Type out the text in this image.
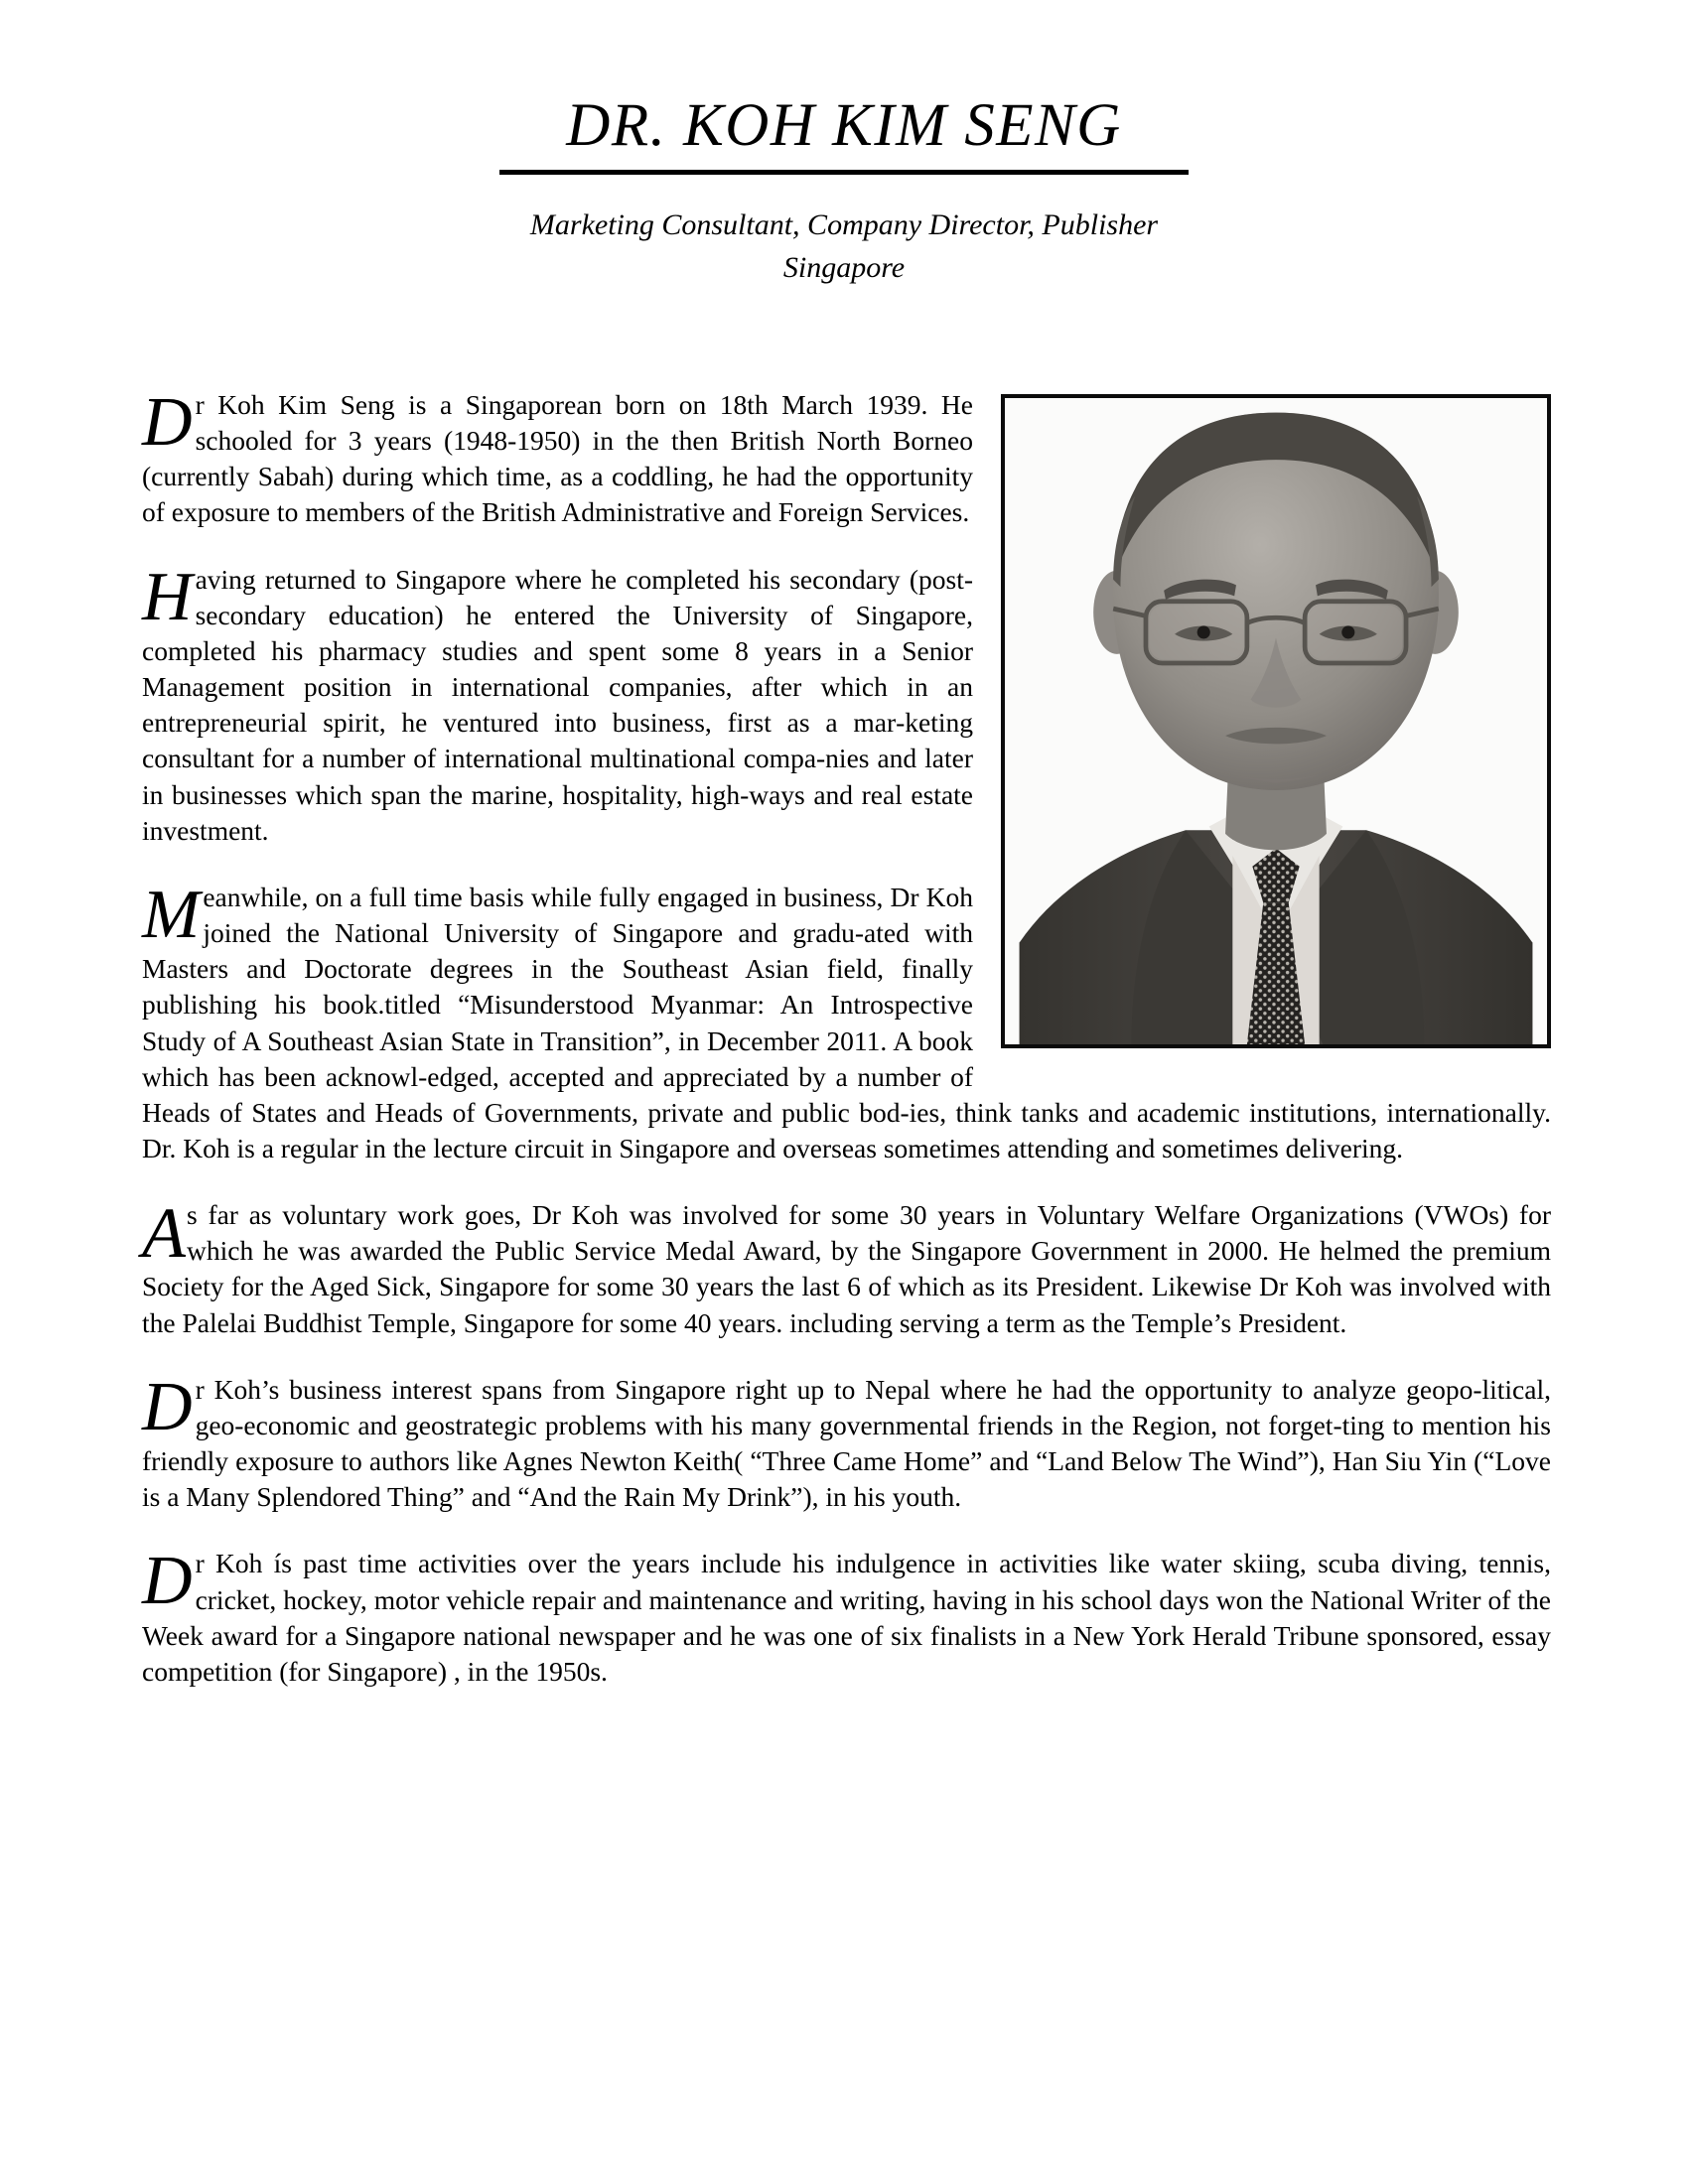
DR. KOH KIM SENG
Marketing Consultant, Company Director, Publisher
Singapore

Dr Koh Kim Seng is a Singaporean born on 18th March 1939. He schooled for 3 years (1948-1950) in the then British North Borneo (currently Sabah) during which time, as a coddling, he had the opportunity of exposure to members of the British Administrative and Foreign Services.

Having returned to Singapore where he completed his secondary (post-secondary education) he entered the University of Singapore, completed his pharmacy studies and spent some 8 years in a Senior Management position in international companies, after which in an entrepreneurial spirit, he ventured into business, first as a mar‐keting consultant for a number of international multinational compa‐nies and later in businesses which span the marine, hospitality, high‐ways and real estate investment.

Meanwhile, on a full time basis while fully engaged in business, Dr Koh joined the National University of Singapore and gradu‐ated with Masters and Doctorate degrees in the Southeast Asian field, finally publishing his book.titled “Misunderstood Myanmar: An Introspective Study of A Southeast Asian State in Transition”, in December 2011. A book which has been acknowl‐edged, accepted and appreciated by a number of Heads of States and Heads of Governments, private and public bod‐ies, think tanks and academic institutions, internationally. Dr. Koh is a regular in the lecture circuit in Singapore and overseas sometimes attending and sometimes delivering.

As far as voluntary work goes, Dr Koh was involved for some 30 years in Voluntary Welfare Organizations (VWOs) for which he was awarded the Public Service Medal Award, by the Singapore Government in 2000. He helmed the premium Society for the Aged Sick, Singapore for some 30 years the last 6 of which as its President. Likewise Dr Koh was involved with the Palelai Buddhist Temple, Singapore for some 40 years. including serving a term as the Temple’s President.

Dr Koh’s business interest spans from Singapore right up to Nepal where he had the opportunity to analyze geopo‐litical, geo-economic and geostrategic problems with his many governmental friends in the Region, not forget‐ting to mention his friendly exposure to authors like Agnes Newton Keith( “Three Came Home” and “Land Below The Wind”), Han Siu Yin (“Love is a Many Splendored Thing” and “And the Rain My Drink”), in his youth.

Dr Koh ís past time activities over the years include his indulgence in activities like water skiing, scuba diving, tennis, cricket, hockey, motor vehicle repair and maintenance and writing, having in his school days won the National Writer of the Week award for a Singapore national newspaper and he was one of six finalists in a New York Herald Tribune sponsored, essay competition (for Singapore) , in the 1950s.
